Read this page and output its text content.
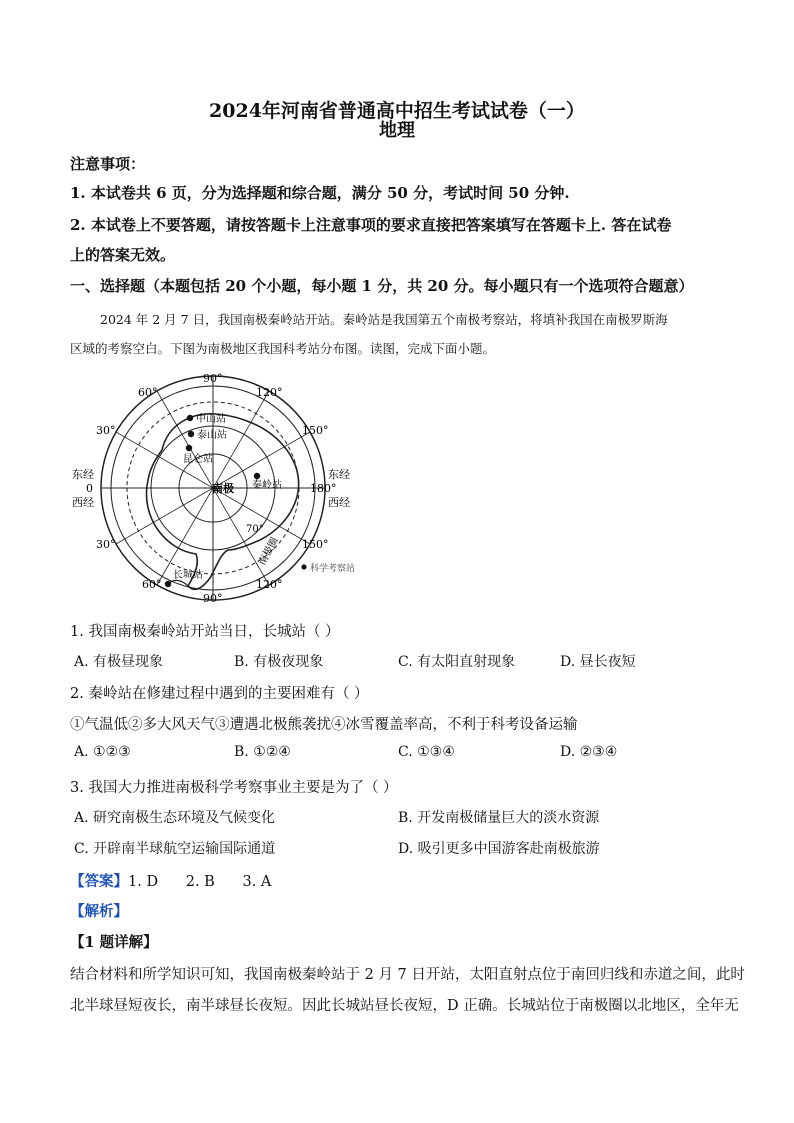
2024年河南省普通高中招生考试试卷（一）
地理
注意事项：
1. 本试卷共 6 页，分为选择题和综合题，满分 50 分，考试时间 50 分钟.
2. 本试卷上不要答题，请按答题卡上注意事项的要求直接把答案填写在答题卡上. 答在试卷
上的答案无效。
一、选择题（本题包括 20 个小题，每小题 1 分，共 20 分。每小题只有一个选项符合题意）
2024 年 2 月 7 日，我国南极秦岭站开站。秦岭站是我国第五个南极考察站，将填补我国在南极罗斯海
区域的考察空白。下图为南极地区我国科考站分布图。读图，完成下面小题。
90°
60°	120°
30°	150°
0	180°
30°	150°
60°
90°
120°
东经
西经
东经
西经
中山站
泰山站
昆仑站
秦岭站
长城站
南极
南极圈
70°
科学考察站
1. 我国南极秦岭站开站当日，长城站（ ）
A. 有极昼现象	B. 有极夜现象	C. 有太阳直射现象	D. 昼长夜短
2. 秦岭站在修建过程中遇到的主要困难有（ ）
①气温低②多大风天气③遭遇北极熊袭扰④冰雪覆盖率高，不利于科考设备运输
A. ①②③	B. ①②④	C. ①③④	D. ②③④
3. 我国大力推进南极科学考察事业主要是为了（ ）
A. 研究南极生态环境及气候变化	B. 开发南极储量巨大的淡水资源
C. 开辟南半球航空运输国际通道	D. 吸引更多中国游客赴南极旅游
【答案】1. D      2. B      3. A
【解析】
【1 题详解】
结合材料和所学知识可知，我国南极秦岭站于 2 月 7 日开站，太阳直射点位于南回归线和赤道之间，此时
北半球昼短夜长，南半球昼长夜短。因此长城站昼长夜短，D 正确。长城站位于南极圈以北地区，全年无
